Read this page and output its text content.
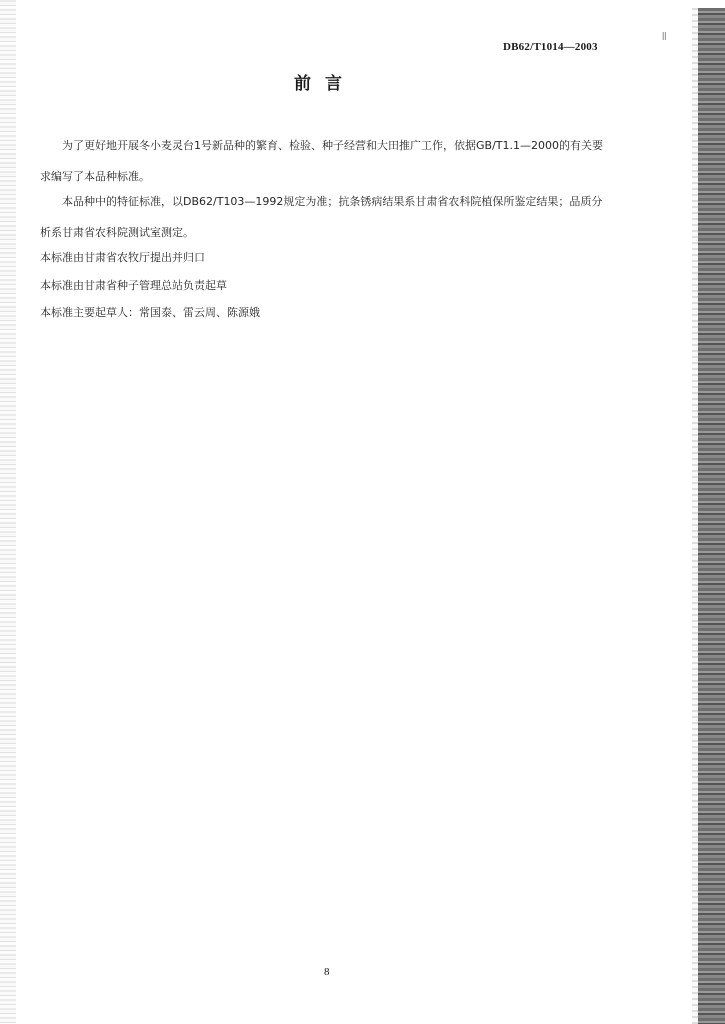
Ⅱ
DB62/T1014—2003
前言
为了更好地开展冬小麦灵台1号新品种的繁育、检验、种子经营和大田推广工作，依据GB/T1.1—2000的有关要求编写了本品种标准。
本品种中的特征标准，以DB62/T103—1992规定为准；抗条锈病结果系甘肃省农科院植保所鉴定结果；品质分析系甘肃省农科院测试室测定。
本标准由甘肃省农牧厅提出并归口
本标准由甘肃省种子管理总站负责起草
本标准主要起草人：常国泰、雷云周、陈源娥
8
